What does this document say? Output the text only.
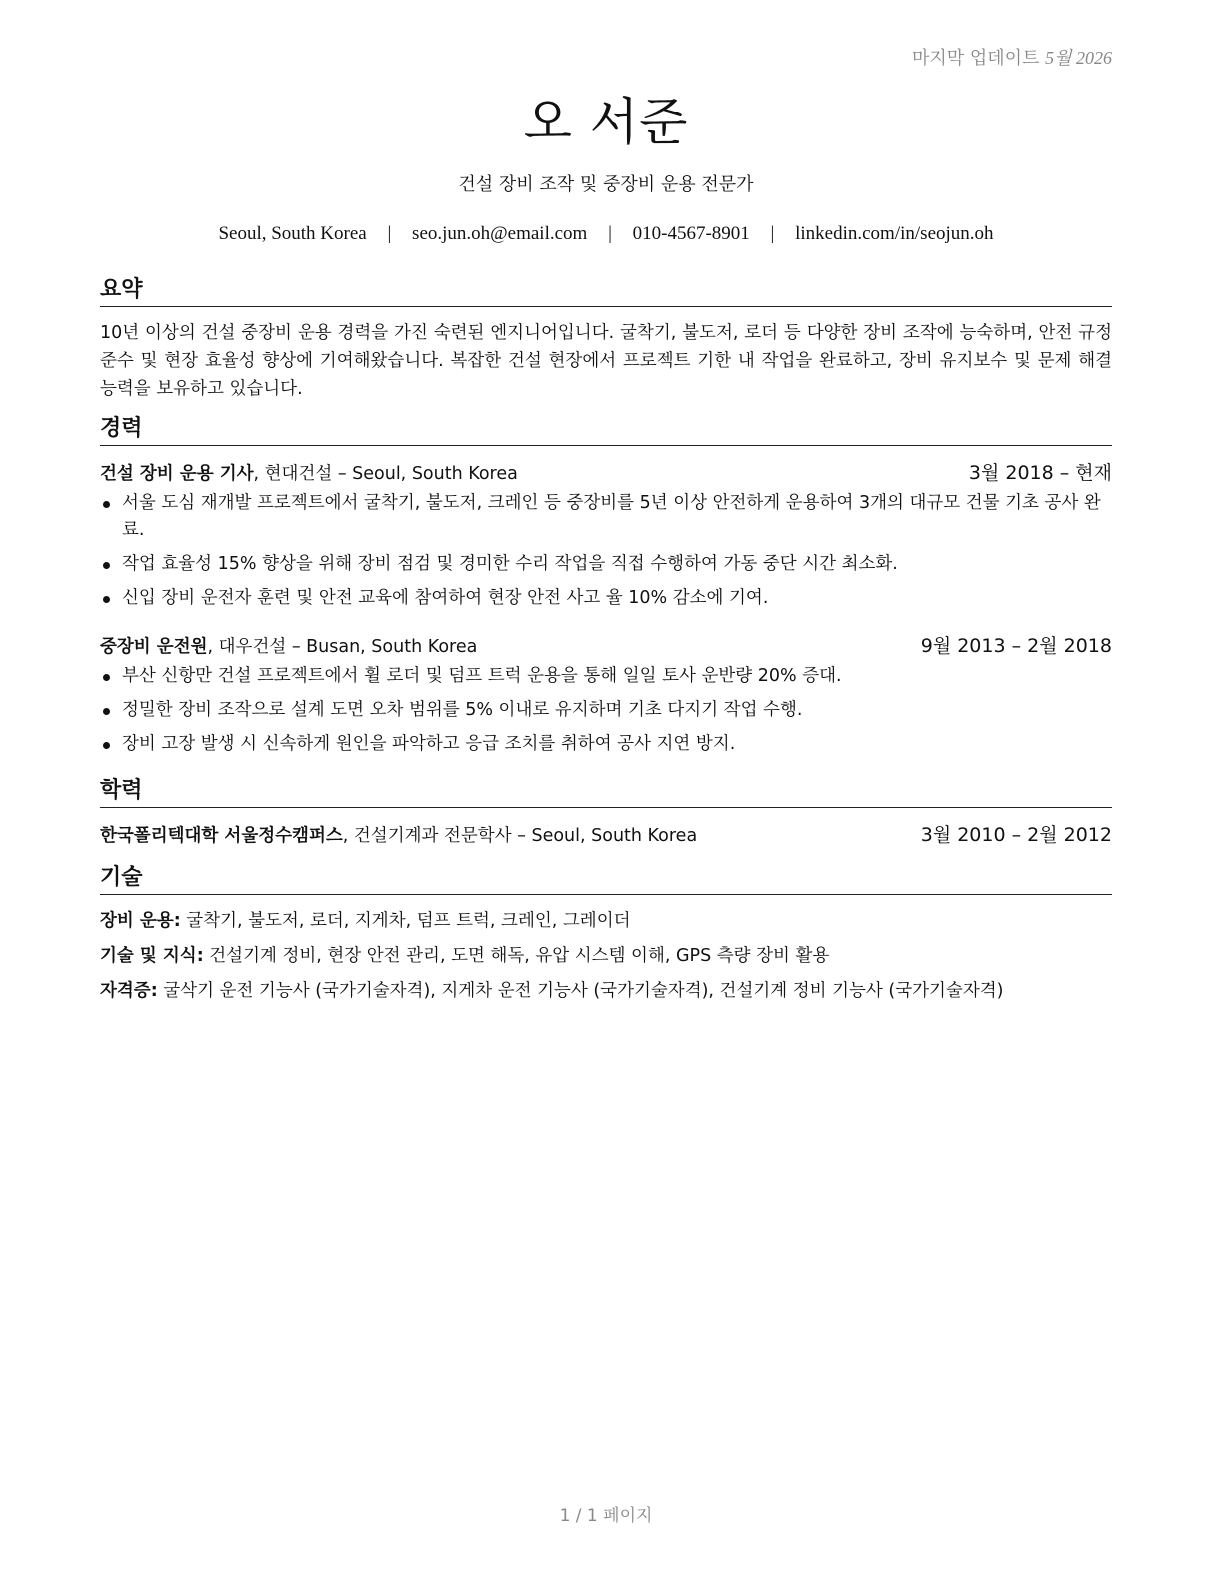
마지막 업데이트 5월 2026
오 서준
건설 장비 조작 및 중장비 운용 전문가
Seoul, South Korea | seo.jun.oh@email.com | 010-4567-8901 | linkedin.com/in/seojun.oh
요약
10년 이상의 건설 중장비 운용 경력을 가진 숙련된 엔지니어입니다. 굴착기, 불도저, 로더 등 다양한 장비 조작에 능숙하며, 안전 규정 준수 및 현장 효율성 향상에 기여해왔습니다. 복잡한 건설 현장에서 프로젝트 기한 내 작업을 완료하고, 장비 유지보수 및 문제 해결 능력을 보유하고 있습니다.
경력
건설 장비 운용 기사, 현대건설 – Seoul, South Korea	3월 2018 – 현재
서울 도심 재개발 프로젝트에서 굴착기, 불도저, 크레인 등 중장비를 5년 이상 안전하게 운용하여 3개의 대규모 건물 기초 공사 완료.
작업 효율성 15% 향상을 위해 장비 점검 및 경미한 수리 작업을 직접 수행하여 가동 중단 시간 최소화.
신입 장비 운전자 훈련 및 안전 교육에 참여하여 현장 안전 사고 율 10% 감소에 기여.
중장비 운전원, 대우건설 – Busan, South Korea	9월 2013 – 2월 2018
부산 신항만 건설 프로젝트에서 휠 로더 및 덤프 트럭 운용을 통해 일일 토사 운반량 20% 증대.
정밀한 장비 조작으로 설계 도면 오차 범위를 5% 이내로 유지하며 기초 다지기 작업 수행.
장비 고장 발생 시 신속하게 원인을 파악하고 응급 조치를 취하여 공사 지연 방지.
학력
한국폴리텍대학 서울정수캠퍼스, 건설기계과 전문학사 – Seoul, South Korea	3월 2010 – 2월 2012
기술
장비 운용: 굴착기, 불도저, 로더, 지게차, 덤프 트럭, 크레인, 그레이더
기술 및 지식: 건설기계 정비, 현장 안전 관리, 도면 해독, 유압 시스템 이해, GPS 측량 장비 활용
자격증: 굴삭기 운전 기능사 (국가기술자격), 지게차 운전 기능사 (국가기술자격), 건설기계 정비 기능사 (국가기술자격)
1 / 1 페이지
